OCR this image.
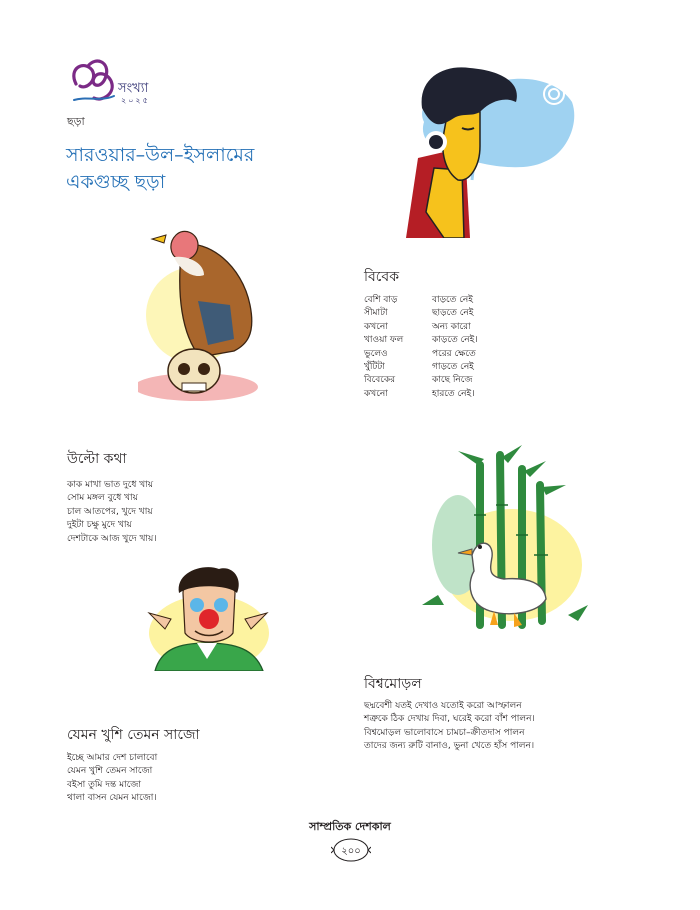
সংখ্যা
২০২৫
ছড়া
সারওয়ার–উল–ইসলামের
একগুচ্ছ ছড়া
বিবেক
বেশি বাড়	বাড়তে নেই
সীমাটা	ছাড়তে নেই
কখনো	অন্য কারো
খাওয়া ফল	কাড়তে নেই।
ভুলেও	পরের ক্ষেতে
খুঁটিটা	গাড়তে নেই
বিবেকের	কাছে নিজে
কখনো	হারতে নেই।
উল্টো কথা
কাক মাখা ভাত দুধে খায়
সোম মঙ্গল বুধে খায়
চাল আতপের, খুদে খায়
দুইটা চক্ষু মুদে খায়
দেশটাকে আজ খুদে খায়।
বিশ্বমোড়ল
ছদ্মবেশী যতই দেখাও যতোই করো আস্ফালন
শত্রুকে ঠিক দেখায় দিবা, ঘরেই করো বাঁশ পালন।
বিশ্বমোড়ল ভালোবাসে চামচা–ক্রীতদাস পালন
তাদের জন্য রুটি বানাও, ভুনা খেতে হাঁস পালন।
যেমন খুশি তেমন সাজো
ইচ্ছে আমার দেশ চালাবো
যেমন খুশি তেমন সাজো
বইসা তুমি দন্ত মাজো
থালা বাসন যেমন মাজো।
সাম্প্রতিক দেশকাল
২০০
